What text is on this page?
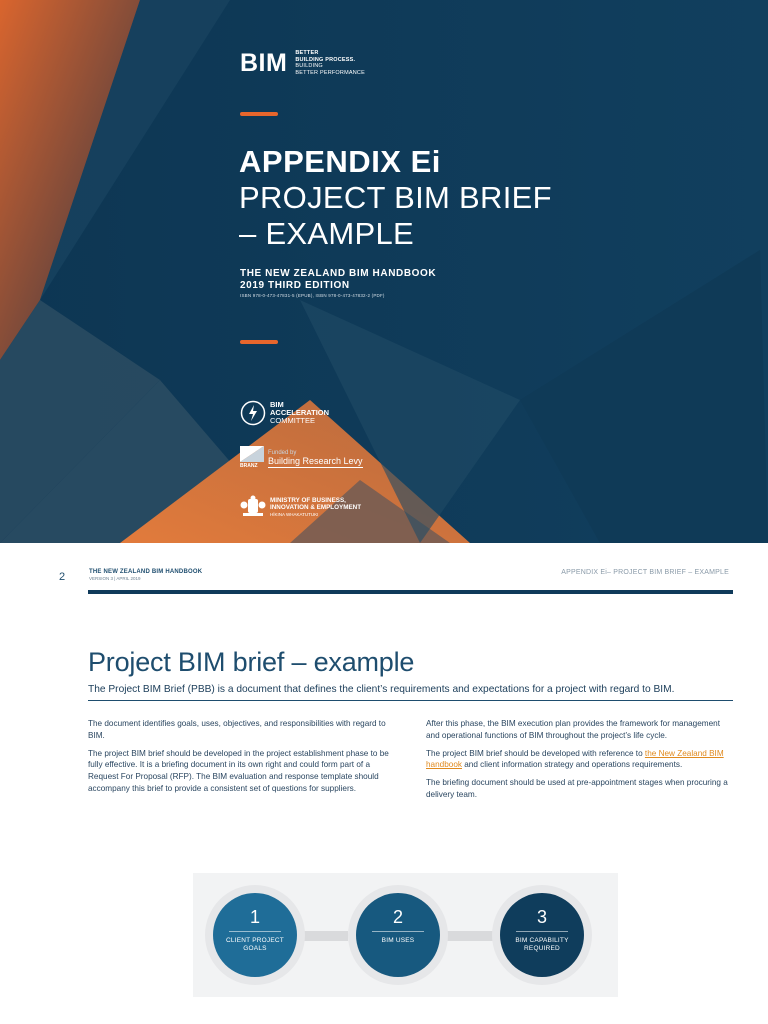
BIM BETTER
BUILDING PROCESS.
BUILDING
BETTER PERFORMANCE
APPENDIX Ei
PROJECT BIM BRIEF
– EXAMPLE
THE NEW ZEALAND BIM HANDBOOK
2019 THIRD EDITION
ISBN 978-0-473-47831-5 (EPUB), ISBN 978-0-473-47832-2 (PDF)
BIM
ACCELERATION
COMMITTEE
BRANZ
Funded by
Building Research Levy
MINISTRY OF BUSINESS,
INNOVATION & EMPLOYMENT
HĪKINA WHAKATUTUKI
2	THE NEW ZEALAND BIM HANDBOOK
VERSION 3 | APRIL 2019
APPENDIX Ei– PROJECT BIM BRIEF – EXAMPLE
Project BIM brief – example
The Project BIM Brief (PBB) is a document that defines the client’s requirements and expectations for a project with regard to BIM.

The document identifies goals, uses, objectives, and responsibilities with regard to BIM.

The project BIM brief should be developed in the project establishment phase to be fully effective. It is a briefing document in its own right and could form part of a Request For Proposal (RFP). The BIM evaluation and response template should accompany this brief to provide a consistent set of questions for suppliers.

After this phase, the BIM execution plan provides the framework for management and operational functions of BIM throughout the project’s life cycle.

The project BIM brief should be developed with reference to the New Zealand BIM handbook and client information strategy and operations requirements.

The briefing document should be used at pre-appointment stages when procuring a delivery team.

1
CLIENT PROJECT GOALS
2
BIM USES
3
BIM CAPABILITY REQUIRED
